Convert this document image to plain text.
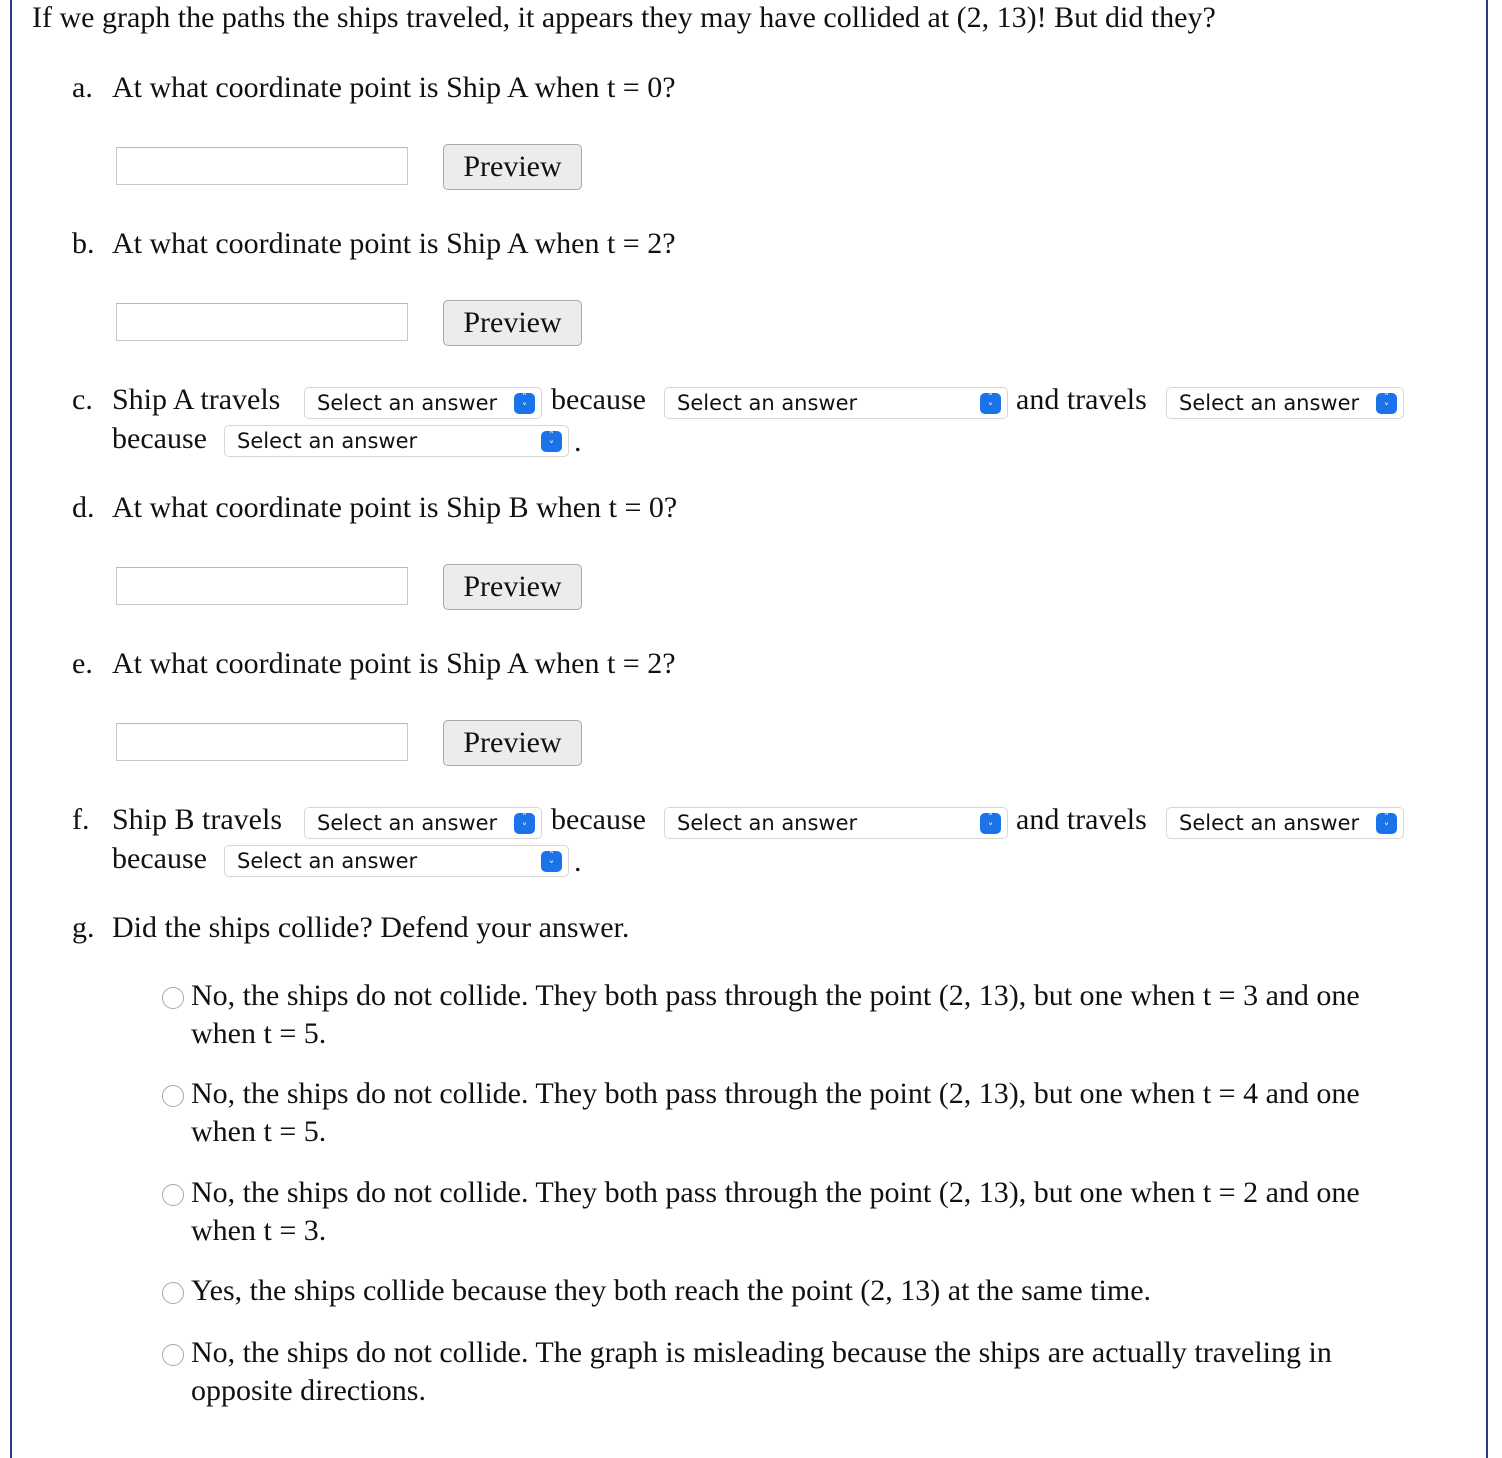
If we graph the paths the ships traveled, it appears they may have collided at (2, 13)! But did they?
a. At what coordinate point is Ship A when t = 0?
Preview
b. At what coordinate point is Ship A when t = 2?
Preview
c. Ship A travels	Select an answer	˄
˅ because	Select an answer	˄
˅ and travels	Select an answer	˄
˅
because	Select an answer	˄
˅ .
d. At what coordinate point is Ship B when t = 0?
Preview
e. At what coordinate point is Ship A when t = 2?
Preview
f. Ship B travels	Select an answer	˄
˅ because	Select an answer	˄
˅ and travels	Select an answer	˄
˅
because	Select an answer	˄
˅ .
g. Did the ships collide? Defend your answer.
No, the ships do not collide. They both pass through the point (2, 13), but one when t = 3 and one
when t = 5.
No, the ships do not collide. They both pass through the point (2, 13), but one when t = 4 and one
when t = 5.
No, the ships do not collide. They both pass through the point (2, 13), but one when t = 2 and one
when t = 3.
Yes, the ships collide because they both reach the point (2, 13) at the same time.
No, the ships do not collide. The graph is misleading because the ships are actually traveling in
opposite directions.
